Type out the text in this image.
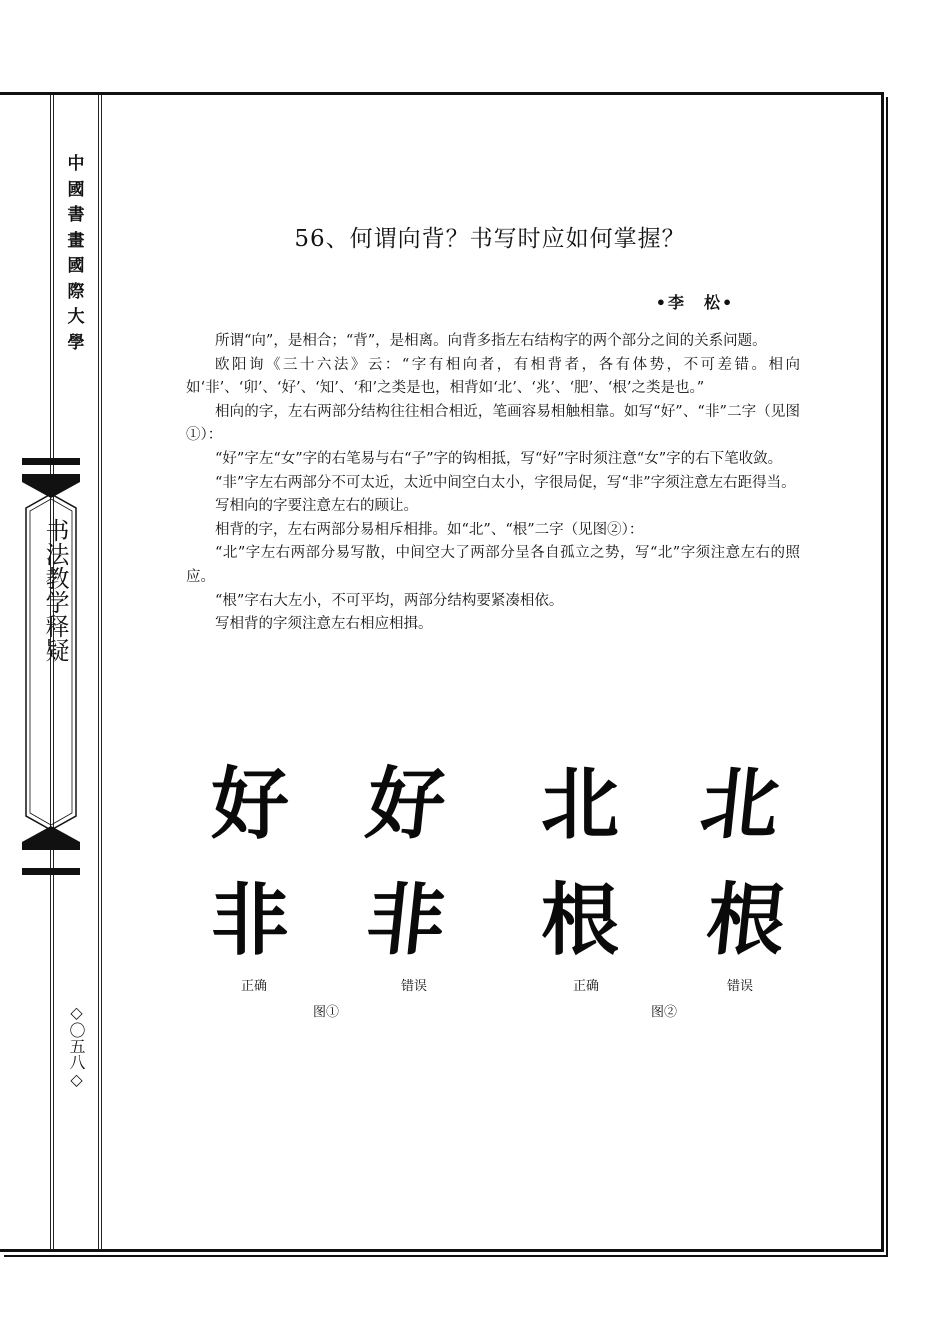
中國書畫國際大學
书法教学释疑
◇〇五八◇
56、何谓向背？书写时应如何掌握？
•李　松•

所谓“向”，是相合；“背”，是相离。向背多指左右结构字的两个部分之间的关系问题。

欧阳询《三十六法》云：“字有相向者，有相背者，各有体势，不可差错。相向如‘非’、‘卯’、‘好’、‘知’、‘和’之类是也，相背如‘北’、‘兆’、‘肥’、‘根’之类是也。”

相向的字，左右两部分结构往往相合相近，笔画容易相触相靠。如写“好”、“非”二字（见图①）：

“好”字左“女”字的右笔易与右“子”字的钩相抵，写“好”字时须注意“女”字的右下笔收敛。

“非”字左右两部分不可太近，太近中间空白太小，字很局促，写“非”字须注意左右距得当。

写相向的字要注意左右的顾让。

相背的字，左右两部分易相斥相排。如“北”、“根”二字（见图②）：

“北”字左右两部分易写散，中间空大了两部分呈各自孤立之势，写“北”字须注意左右的照应。

“根”字右大左小，不可平均，两部分结构要紧凑相依。

写相背的字须注意左右相应相揖。

好 好 北 北
非 非 根 根
正确	错误	正确	错误
图①	图②
